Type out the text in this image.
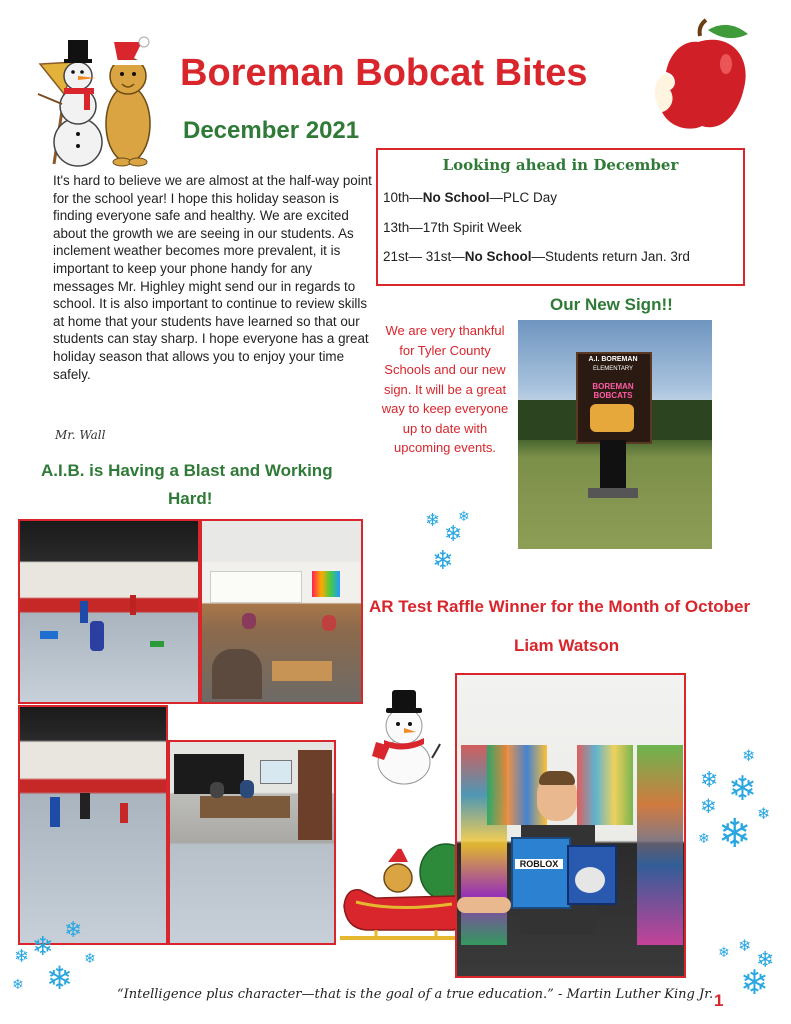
Boreman Bobcat Bites
December 2021

It's hard to believe we are almost at the half-way point for the school year! I hope this holiday season is finding everyone safe and healthy. We are excited about the growth we are seeing in our students. As inclement weather becomes more prevalent, it is important to keep your phone handy for any messages Mr. Highley might send our in regards to school. It is also important to continue to review skills at home that your students have learned so that our students can stay sharp. I hope everyone has a great holiday season that allows you to enjoy your time safely.

Mr. Wall
Looking ahead in December
10th—No School—PLC Day
13th—17th Spirit Week
21st— 31st—No School—Students return Jan. 3rd
Our New Sign!!
We are very thankful for Tyler County Schools and our new sign. It will be a great way to keep everyone up to date with upcoming events.
A.I. BOREMAN
ELEMENTARY
BOREMAN BOBCATS
❄
❄
❄
❄
A.I.B. is Having a Blast and Working
Hard!
AR Test Raffle Winner for the Month of October
Liam Watson
ROBLOX
❄
❄ ❄
❄
❄ ❄
❄
❄
❄
❄
❄
❄ ❄
❄
❄
❄
❄
“Intelligence plus character—that is the goal of a true education.” - Martin Luther King Jr. 1
